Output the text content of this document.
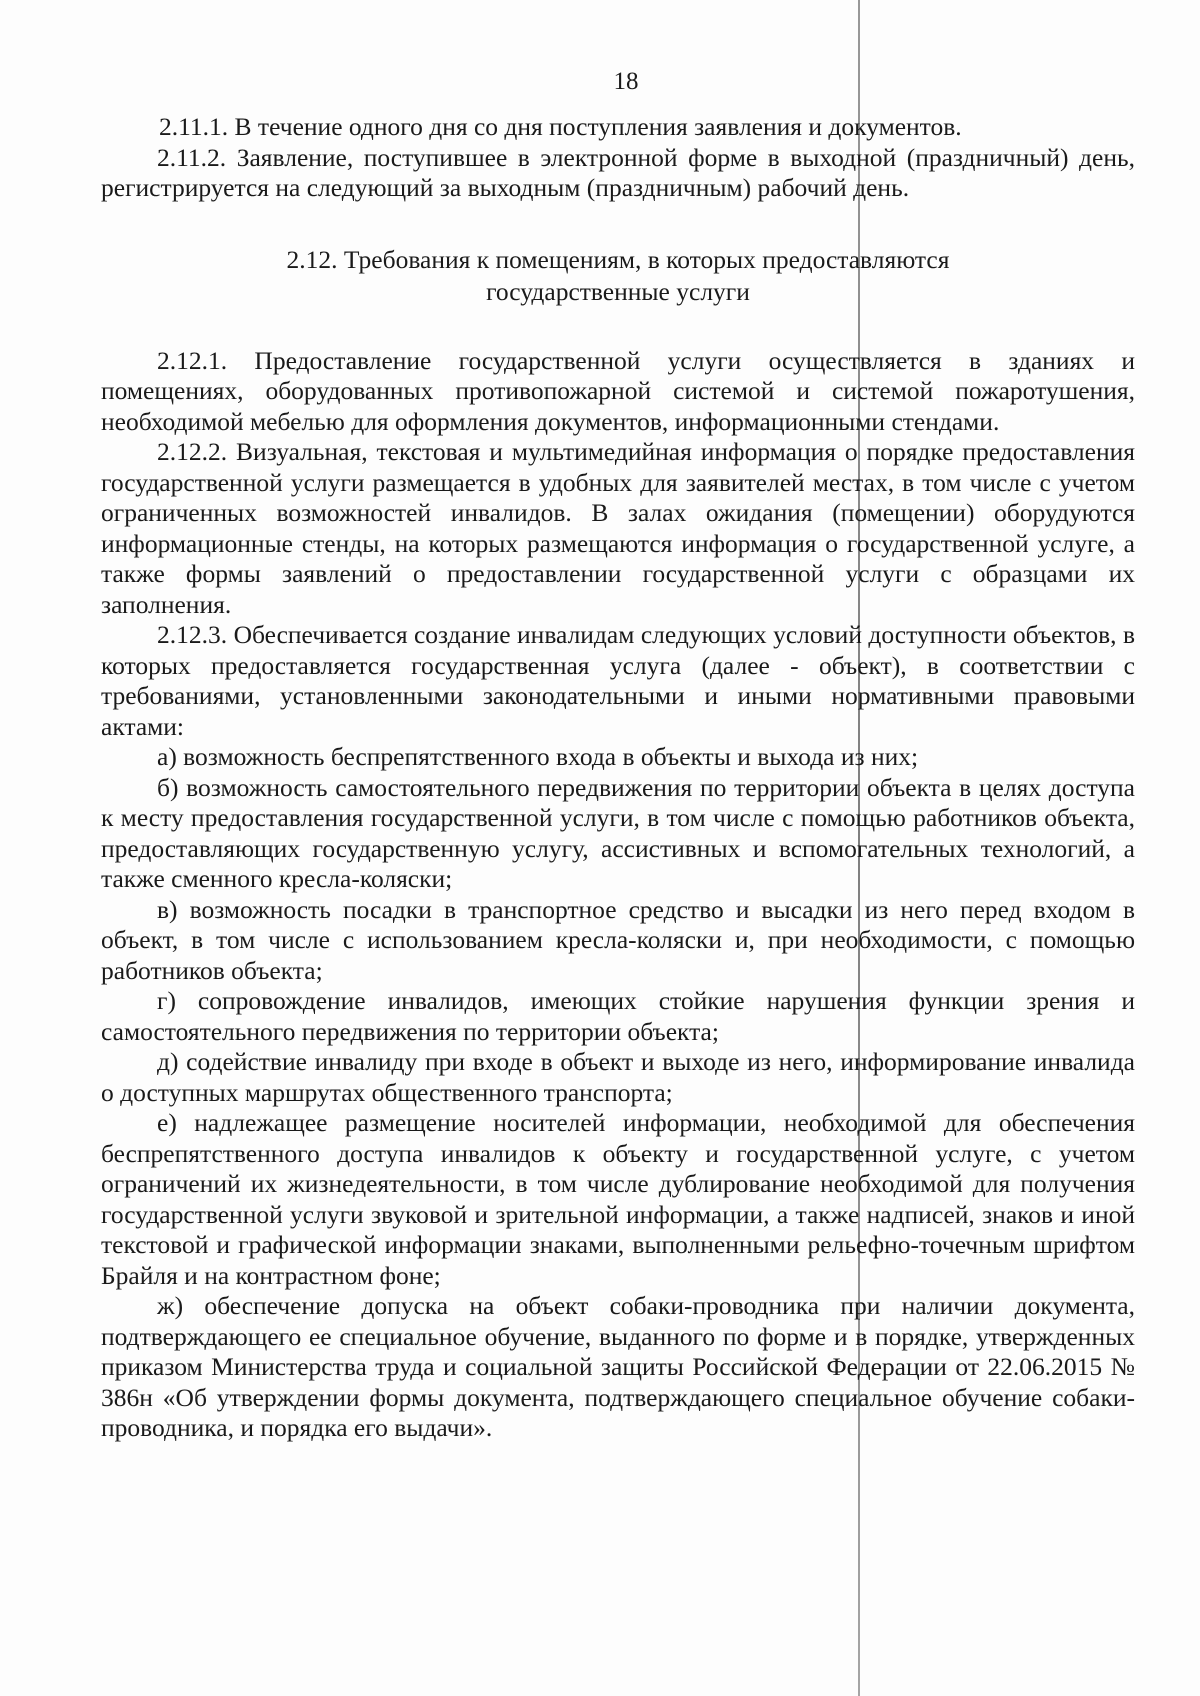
18

2.11.1. В течение одного дня со дня поступления заявления и документов.

2.11.2. Заявление, поступившее в электронной форме в выходной (праздничный) день, регистрируется на следующий за выходным (праздничным) рабочий день.

2.12. Требования к помещениям, в которых предоставляются
государственные услуги

2.12.1. Предоставление государственной услуги осуществляется в зданиях и помещениях, оборудованных противопожарной системой и системой пожаротушения, необходимой мебелью для оформления документов, информационными стендами.

2.12.2. Визуальная, текстовая и мультимедийная информация о порядке предоставления государственной услуги размещается в удобных для заявителей местах, в том числе с учетом ограниченных возможностей инвалидов. В залах ожидания (помещении) оборудуются информационные стенды, на которых размещаются информация о государственной услуге, а также формы заявлений о предоставлении государственной услуги с образцами их заполнения.

2.12.3. Обеспечивается создание инвалидам следующих условий доступности объектов, в которых предоставляется государственная услуга (далее - объект), в соответствии с требованиями, установленными законодательными и иными нормативными правовыми актами:

а) возможность беспрепятственного входа в объекты и выхода из них;

б) возможность самостоятельного передвижения по территории объекта в целях доступа к месту предоставления государственной услуги, в том числе с помощью работников объекта, предоставляющих государственную услугу, ассистивных и вспомогательных технологий, а также сменного кресла-коляски;

в) возможность посадки в транспортное средство и высадки из него перед входом в объект, в том числе с использованием кресла-коляски и, при необходимости, с помощью работников объекта;

г) сопровождение инвалидов, имеющих стойкие нарушения функции зрения и самостоятельного передвижения по территории объекта;

д) содействие инвалиду при входе в объект и выходе из него, информирование инвалида о доступных маршрутах общественного транспорта;

е) надлежащее размещение носителей информации, необходимой для обеспечения беспрепятственного доступа инвалидов к объекту и государственной услуге, с учетом ограничений их жизнедеятельности, в том числе дублирование необходимой для получения государственной услуги звуковой и зрительной информации, а также надписей, знаков и иной текстовой и графической информации знаками, выполненными рельефно-точечным шрифтом Брайля и на контрастном фоне;

ж) обеспечение допуска на объект собаки-проводника при наличии документа, подтверждающего ее специальное обучение, выданного по форме и в порядке, утвержденных приказом Министерства труда и социальной защиты Российской Федерации от 22.06.2015 № 386н «Об утверждении формы документа, подтверждающего специальное обучение собаки-проводника, и порядка его выдачи».
